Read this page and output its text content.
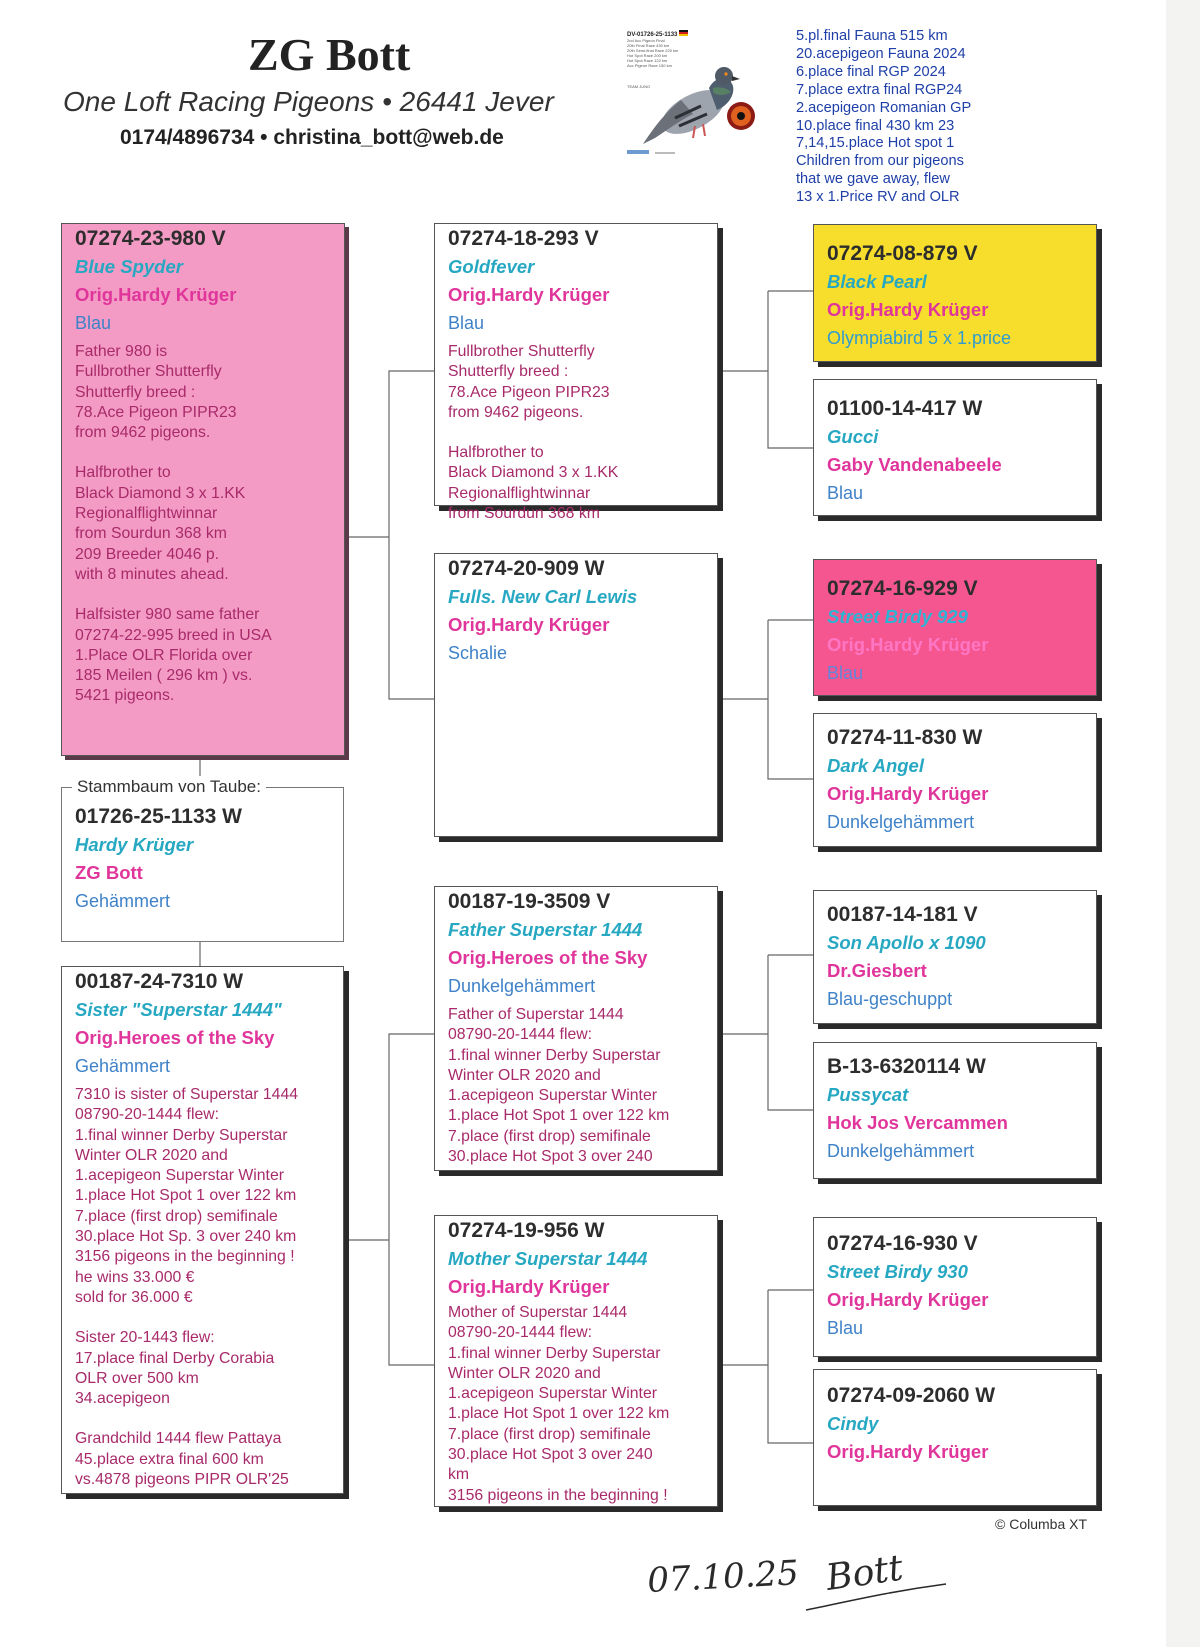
ZG Bott
One Loft Racing Pigeons • 26441 Jever
0174/4896734 • christina_bott@web.de
DV-01726-25-1133
2nd Acc Pigeon Final
20th Final Race 430 km
20th Semi-final Race 220 km
Hot Spot Race 200 km
Hot Spot Race 122 km
Acc Pigeon Race 150 km
TEAM JUNG
5.pl.final Fauna 515 km
20.acepigeon Fauna 2024
6.place final RGP 2024
7.place extra final RGP24
2.acepigeon Romanian GP
10.place final 430 km 23
7,14,15.place Hot spot 1
Children from our pigeons
that we gave away, flew
13 x 1.Price RV and OLR
07274-23-980 V
Blue Spyder
Orig.Hardy Krüger
Blau
Father 980 is
Fullbrother Shutterfly
Shutterfly breed :
78.Ace Pigeon PIPR23
from 9462 pigeons.
Halfbrother to
Black Diamond 3 x 1.KK
Regionalflightwinnar
from Sourdun 368 km
209 Breeder 4046 p.
with 8 minutes ahead.
Halfsister 980 same father
07274-22-995 breed in USA
1.Place OLR Florida over
185 Meilen ( 296 km ) vs.
5421 pigeons.
01726-25-1133 W
Hardy Krüger
ZG Bott
Gehämmert
Stammbaum von Taube:
00187-24-7310 W
Sister "Superstar 1444"
Orig.Heroes of the Sky
Gehämmert
7310 is sister of Superstar 1444
08790-20-1444 flew:
1.final winner Derby Superstar
Winter OLR 2020 and
1.acepigeon Superstar Winter
1.place Hot Spot 1 over 122 km
7.place (first drop) semifinale
30.place Hot Sp. 3 over 240 km
3156 pigeons in the beginning !
he wins 33.000 €
sold for 36.000 €
Sister 20-1443 flew:
17.place final Derby Corabia
OLR over 500 km
34.acepigeon
Grandchild 1444 flew Pattaya
45.place extra final 600 km
vs.4878 pigeons PIPR OLR'25
07274-18-293 V
Goldfever
Orig.Hardy Krüger
Blau
Fullbrother Shutterfly
Shutterfly breed :
78.Ace Pigeon PIPR23
from 9462 pigeons.
Halfbrother to
Black Diamond 3 x 1.KK
Regionalflightwinnar
from Sourdun 368 km
07274-20-909 W
Fulls. New Carl Lewis
Orig.Hardy Krüger
Schalie
00187-19-3509 V
Father Superstar 1444
Orig.Heroes of the Sky
Dunkelgehämmert
Father of Superstar 1444
08790-20-1444 flew:
1.final winner Derby Superstar
Winter OLR 2020 and
1.acepigeon Superstar Winter
1.place Hot Spot 1 over 122 km
7.place (first drop) semifinale
30.place Hot Spot 3 over 240
07274-19-956 W
Mother Superstar 1444
Orig.Hardy Krüger
Mother of Superstar 1444
08790-20-1444 flew:
1.final winner Derby Superstar
Winter OLR 2020 and
1.acepigeon Superstar Winter
1.place Hot Spot 1 over 122 km
7.place (first drop) semifinale
30.place Hot Spot 3 over 240
km
3156 pigeons in the beginning !
07274-08-879 V
Black Pearl
Orig.Hardy Krüger
Olympiabird 5 x 1.price
01100-14-417 W
Gucci
Gaby Vandenabeele
Blau
07274-16-929 V
Street Birdy 929
Orig.Hardy Krüger
Blau
07274-11-830 W
Dark Angel
Orig.Hardy Krüger
Dunkelgehämmert
00187-14-181 V
Son Apollo x 1090
Dr.Giesbert
Blau-geschuppt
B-13-6320114 W
Pussycat
Hok Jos Vercammen
Dunkelgehämmert
07274-16-930 V
Street Birdy 930
Orig.Hardy Krüger
Blau
07274-09-2060 W
Cindy
Orig.Hardy Krüger
© Columba XT
07.10.25 Bott
